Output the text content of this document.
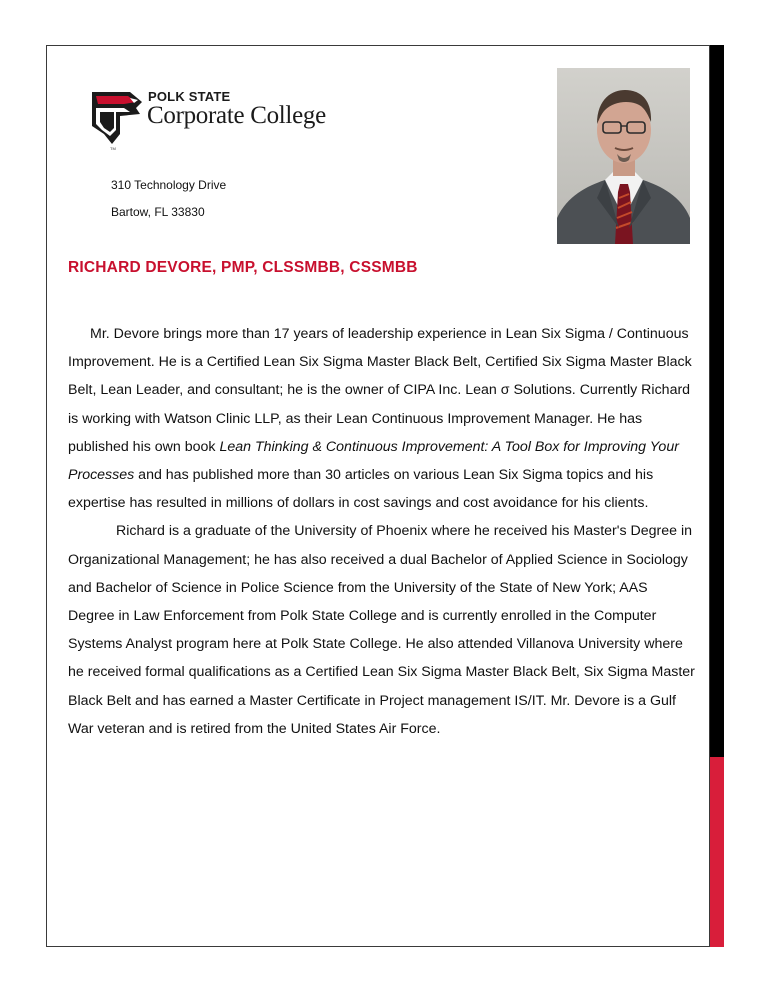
POLK STATE
Corporate College
TM
310 Technology Drive
Bartow, FL 33830
RICHARD DEVORE, PMP, CLSSMBB, CSSMBB

Mr. Devore brings more than 17 years of leadership experience in Lean Six Sigma / Continuous Improvement. He is a Certified Lean Six Sigma Master Black Belt, Certified Six Sigma Master Black Belt, Lean Leader, and consultant; he is the owner of CIPA Inc. Lean σ Solutions. Currently Richard is working with Watson Clinic LLP, as their Lean Continuous Improvement Manager. He has published his own book Lean Thinking & Continuous Improvement: A Tool Box for Improving Your Processes and has published more than 30 articles on various Lean Six Sigma topics and his expertise has resulted in millions of dollars in cost savings and cost avoidance for his clients.

Richard is a graduate of the University of Phoenix where he received his Master's Degree in Organizational Management; he has also received a dual Bachelor of Applied Science in Sociology and Bachelor of Science in Police Science from the University of the State of New York; AAS Degree in Law Enforcement from Polk State College and is currently enrolled in the Computer Systems Analyst program here at Polk State College. He also attended Villanova University where he received formal qualifications as a Certified Lean Six Sigma Master Black Belt, Six Sigma Master Black Belt and has earned a Master Certificate in Project management IS/IT. Mr. Devore is a Gulf War veteran and is retired from the United States Air Force.
